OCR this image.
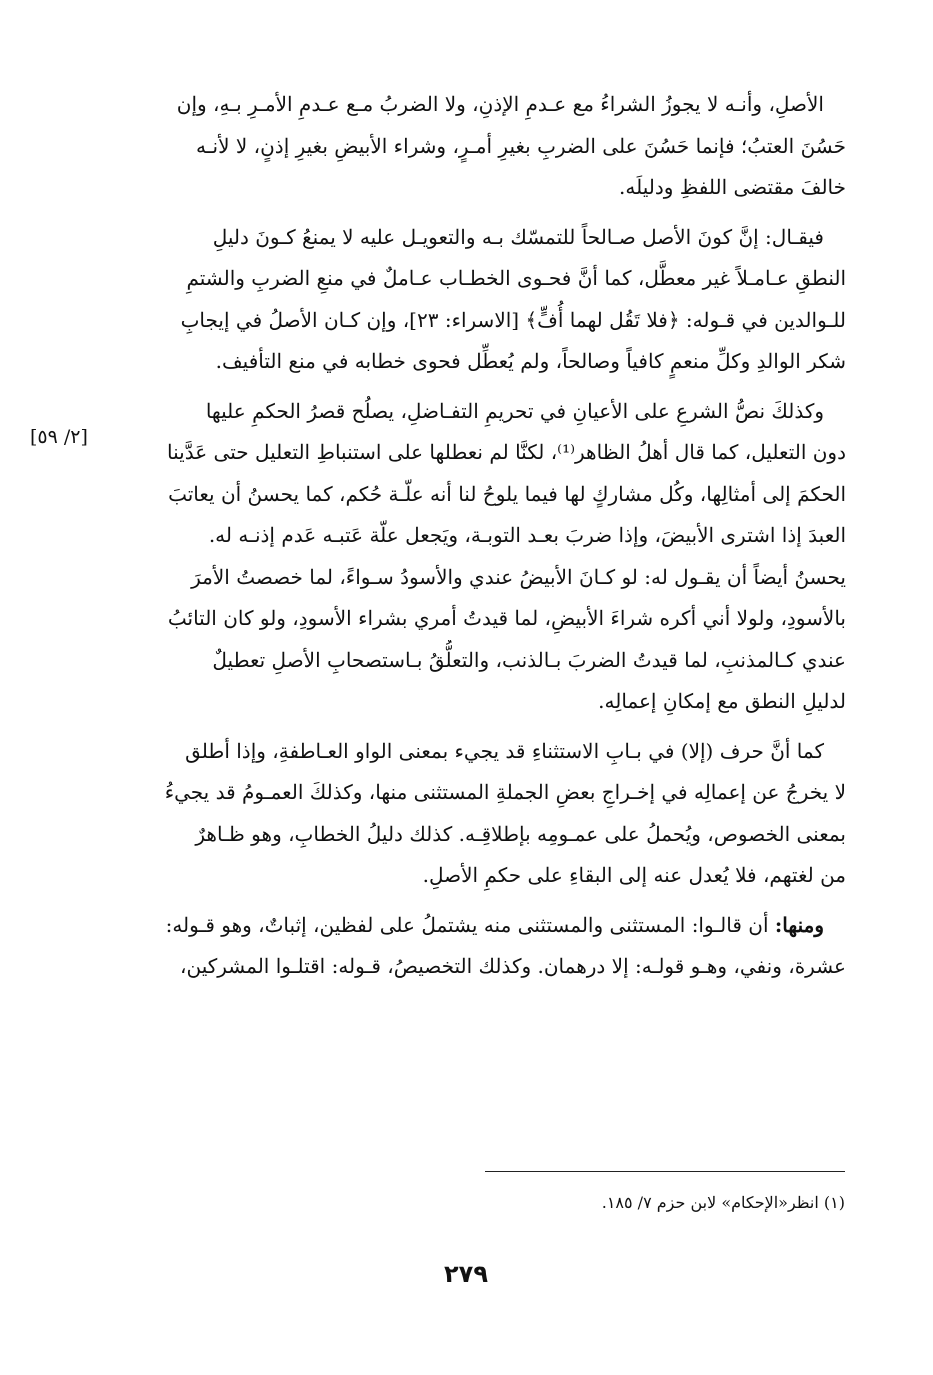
الأصلِ، وأنـه لا يجوزُ الشراءُ مع عـدمِ الإذنِ، ولا الضربُ مـع عـدمِ الأمـرِ بـهِ، وإن
حَسُنَ العتبُ؛ فإنما حَسُنَ على الضربِ بغيرِ أمـرٍ، وشراء الأبيضِ بغيرِ إذنٍ، لا لأنـه
خالفَ مقتضى اللفظِ ودليلَه.
فيقـال: إنَّ كونَ الأصل صـالحاً للتمسّك بـه والتعويـل عليه لا يمنعُ كـونَ دليلِ
النطقِ عـامـلاً غير معطَّل، كما أنَّ فحـوى الخطـاب عـاملٌ في منعِ الضربِ والشتمِ
للـوالدين في قـوله: ﴿فلا تَقُل لهما أُفٍّ﴾ [الاسراء: ٢٣]، وإن كـان الأصلُ في إيجابِ
شكر الوالدِ وكلِّ منعمٍ كافياً وصالحاً، ولم يُعطِّل فحوى خطابه في منع التأفيف.
وكذلكَ نصُّ الشرعِ على الأعيانِ في تحريمِ التفـاضلِ، يصلُح قصرُ الحكمِ عليها
دون التعليل، كما قال أهلُ الظاهر⁽¹⁾، لكنَّا لم نعطلها على استنباطِ التعليل حتى عَدَّينا
الحكمَ إلى أمثالِها، وكُل مشاركٍ لها فيما يلوحُ لنا أنه علّـة حُكم، كما يحسنُ أن يعاتبَ
العبدَ إذا اشترى الأبيضَ، وإذا ضربَ بعـد التوبـة، ويَجعل علّة عَتبـه عَدم إذنـه له.
يحسنُ أيضاً أن يقـول له: لو كـانَ الأبيضُ عندي والأسودُ سـواءً، لما خصصتُ الأمرَ
بالأسودِ، ولولا أني أكره شراءَ الأبيضِ، لما قيدتُ أمري بشراء الأسودِ، ولو كان التائبُ
عندي كـالمذنبِ، لما قيدتُ الضربَ بـالذنب، والتعلُّقُ بـاستصحابِ الأصلِ تعطيلٌ
لدليلِ النطق مع إمكانِ إعمالِه.
كما أنَّ حرف (إلا) في بـابِ الاستثناءِ قد يجيء بمعنى الواو العـاطفةِ، وإذا أطلق
لا يخرجُ عن إعمالِه في إخـراجِ بعضِ الجملةِ المستثنى منها، وكذلكَ العمـومُ قد يجيءُ
بمعنى الخصوص، ويُحملُ على عمـومِه بإطلاقِـه. كذلك دليلُ الخطابِ، وهو ظـاهرٌ
من لغتهم، فلا يُعدل عنه إلى البقاءِ على حكمِ الأصلِ.
ومنها: أن قالـوا: المستثنى والمستثنى منه يشتملُ على لفظين، إثباتٌ، وهو قـوله:
عشرة، ونفي، وهـو قولـه: إلا درهمان. وكذلك التخصيصُ، قـوله: اقتلـوا المشركين،
[٢/ ٥٩]
(١) انظر«الإحكام» لابن حزم ٧/ ١٨٥.
٢٧٩
